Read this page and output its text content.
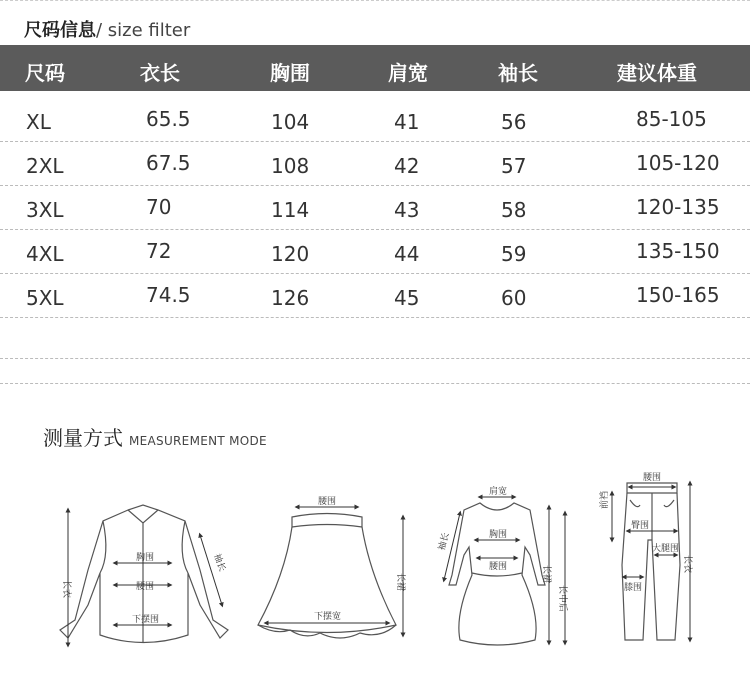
尺码信息/ size filter
尺码	衣长	胸围	肩宽	袖长	建议体重
XL	65.5	104	41	56	85-105
2XL	67.5	108	42	57	105-120
3XL	70	114	43	58	120-135
4XL	72	120	44	59	135-150
5XL	74.5	126	45	60	150-165
测量方式 MEASUREMENT MODE
长衣
胸围
腰围
下摆围
袖长
腰围
下摆宽
长裙
肩宽
胸围
腰围
袖长
长裙
长中后
腰围
前裆
臀围
大腿围
膝围
长衣
